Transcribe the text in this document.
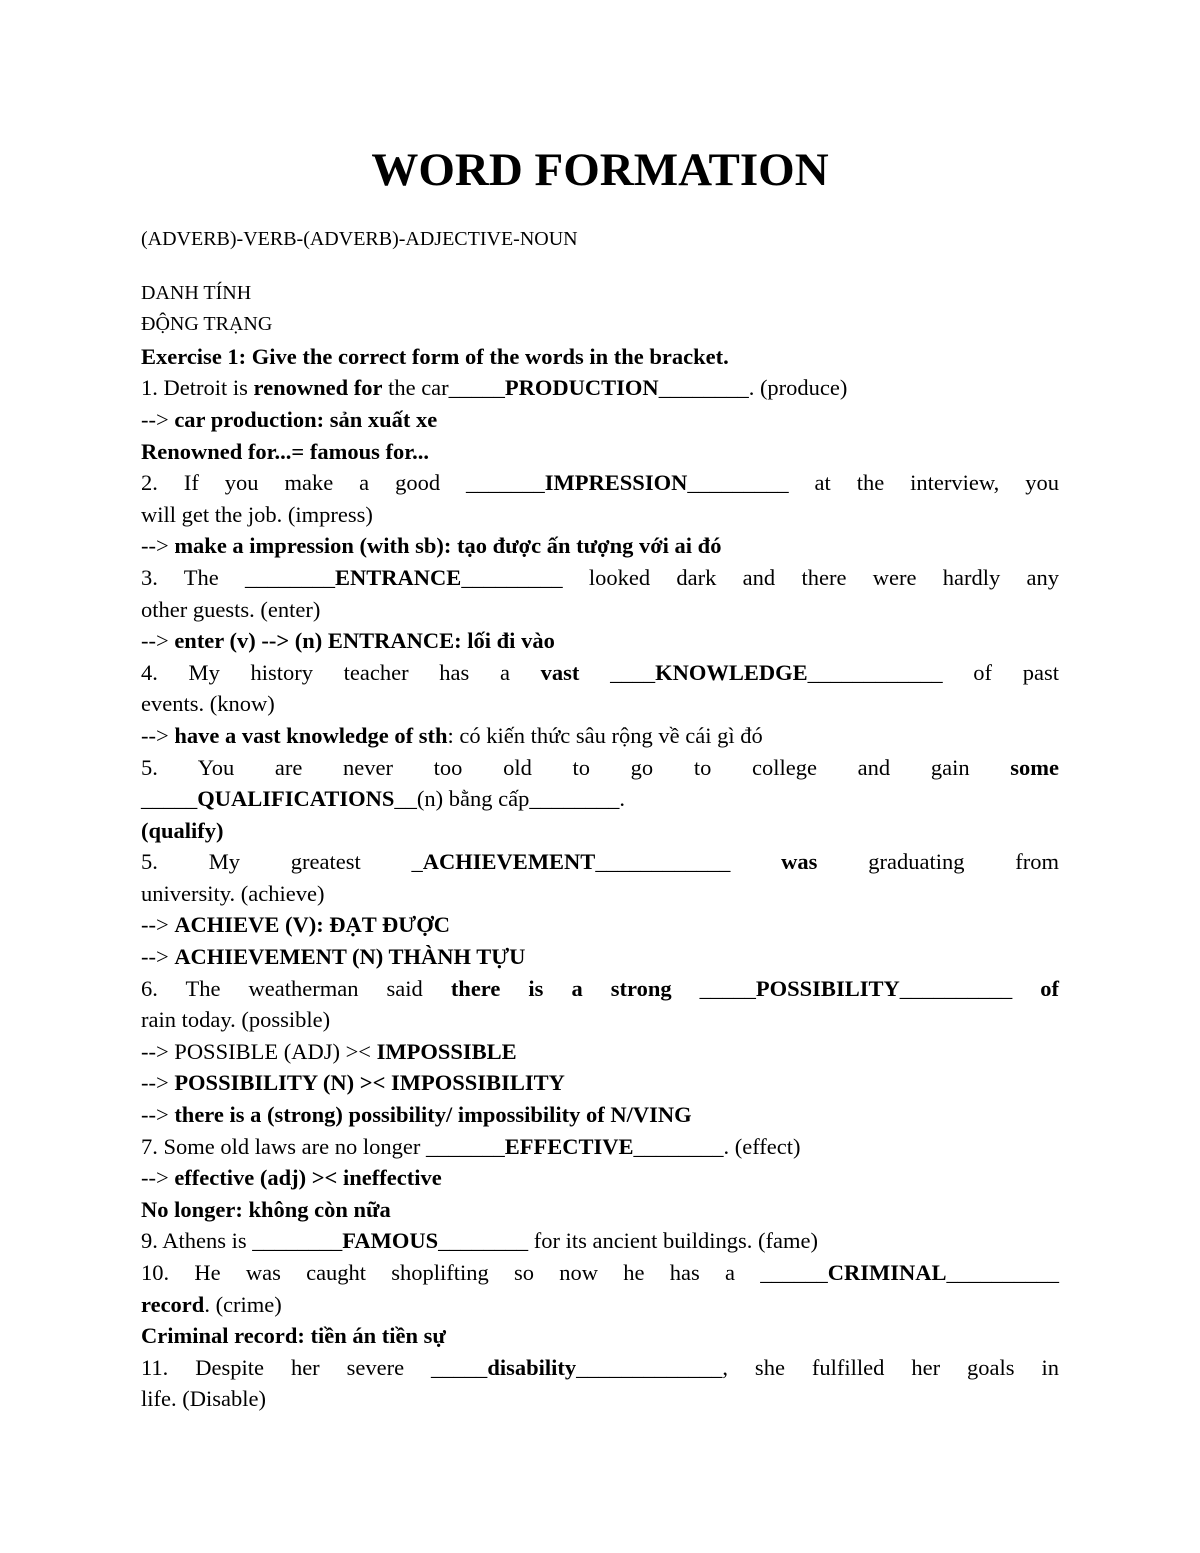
WORD FORMATION

(ADVERB)-VERB-(ADVERB)-ADJECTIVE-NOUN

DANH TÍNH

ĐỘNG TRẠNG

Exercise 1: Give the correct form of the words in the bracket.

1. Detroit is renowned for the car_____PRODUCTION________. (produce)

--> car production: sản xuất xe

Renowned for...= famous for...

2. If you make a good _______IMPRESSION_________ at the interview, you

will get the job. (impress)

--> make a impression (with sb): tạo được ấn tượng với ai đó

3. The ________ENTRANCE_________ looked dark and there were hardly any

other guests. (enter)

--> enter (v) --> (n) ENTRANCE: lối đi vào

4. My history teacher has a vast ____KNOWLEDGE____________ of past

events. (know)

--> have a vast knowledge of sth: có kiến thức sâu rộng về cái gì đó

5. You are never too old to go to college and gain some

_____QUALIFICATIONS__(n) bằng cấp________.

(qualify)

5. My greatest _ACHIEVEMENT____________ was graduating from

university. (achieve)

--> ACHIEVE (V): ĐẠT ĐƯỢC

--> ACHIEVEMENT (N) THÀNH TỰU

6. The weatherman said there is a strong _____POSSIBILITY__________ of

rain today. (possible)

--> POSSIBLE (ADJ) >< IMPOSSIBLE

--> POSSIBILITY (N) >< IMPOSSIBILITY

--> there is a (strong) possibility/ impossibility of N/VING

7. Some old laws are no longer _______EFFECTIVE________. (effect)

--> effective (adj) >< ineffective

No longer: không còn nữa

9. Athens is ________FAMOUS________ for its ancient buildings. (fame)

10. He was caught shoplifting so now he has a ______CRIMINAL__________

record. (crime)

Criminal record: tiền án tiền sự

11. Despite her severe _____disability_____________, she fulfilled her goals in

life. (Disable)
